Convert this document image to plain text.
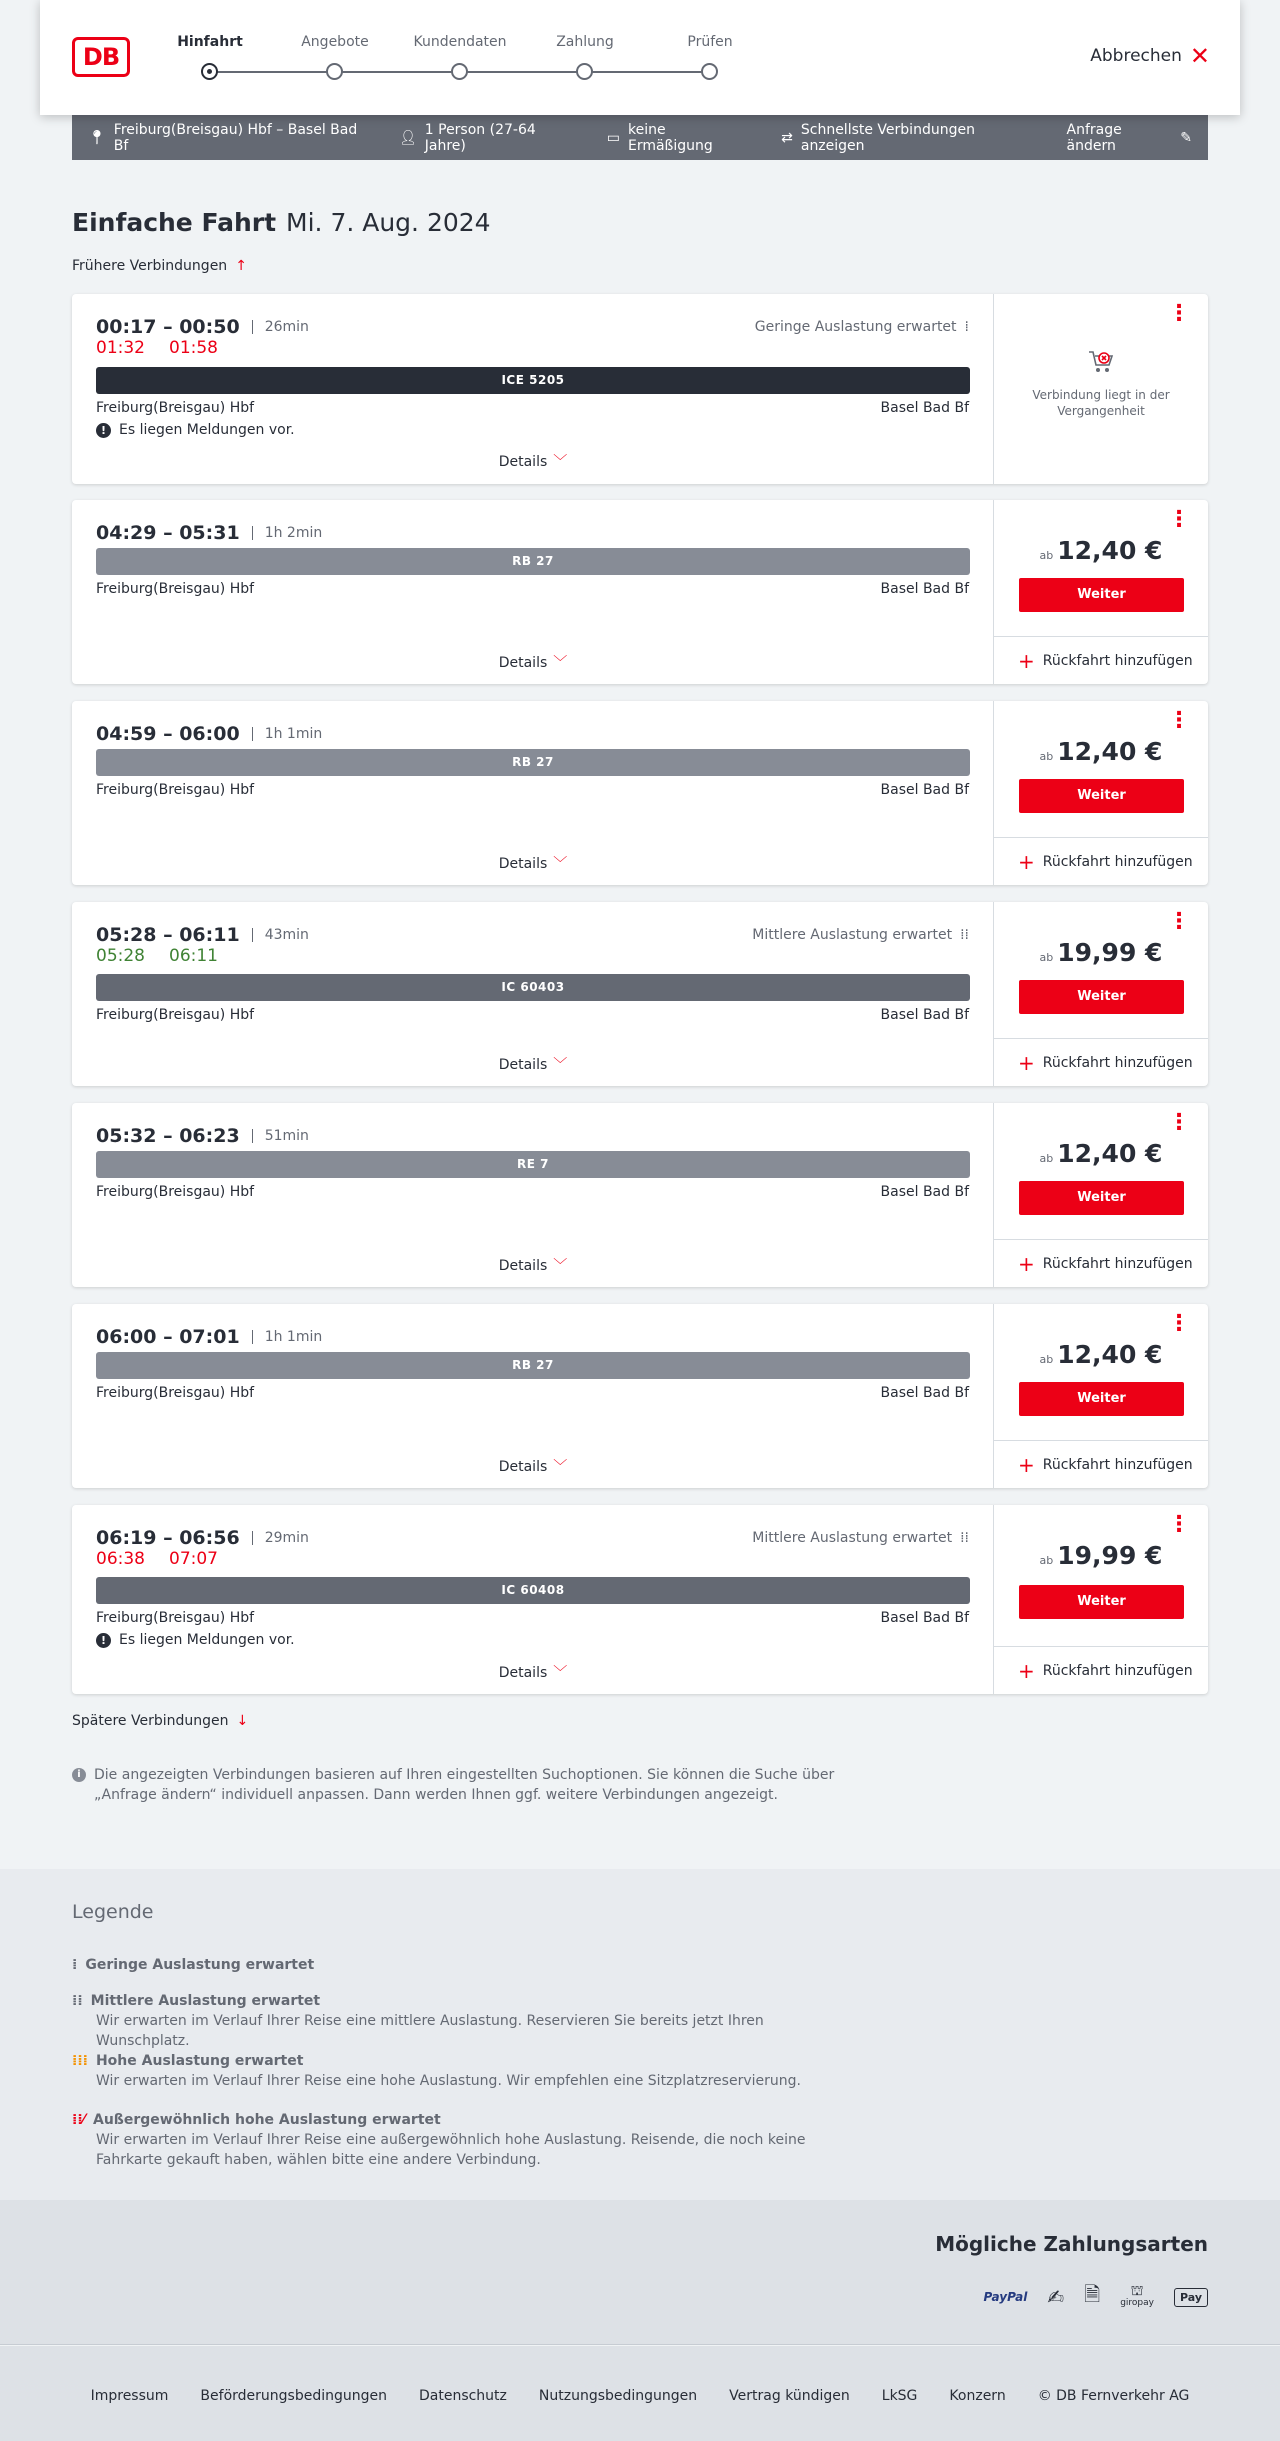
DB
Hinfahrt	Angebote	Kundendaten	Zahlung	Prüfen
Abbrechen ✕
📍︎ Freiburg(Breisgau) Hbf – Basel Bad Bf	👤︎ 1 Person (27-64 Jahre)	▭ keine Ermäßigung	⇄ Schnellste Verbindungen anzeigen
Anfrage ändern	✎
Einfache Fahrt Mi. 7. Aug. 2024
Frühere Verbindungen ↑
00:17 – 00:50	26min	Geringe Auslastung erwartet ⁞
01:32 01:58
ICE 5205
Freiburg(Breisgau) Hbf	Basel Bad Bf
! Es liegen Meldungen vor.
Details ﹀
⋮
Verbindung liegt in der Vergangenheit
04:29 – 05:31	1h 2min
RB 27
Freiburg(Breisgau) Hbf	Basel Bad Bf
Details ﹀
⋮
ab 12,40 €
Weiter
+ Rückfahrt hinzufügen
04:59 – 06:00	1h 1min
RB 27
Freiburg(Breisgau) Hbf	Basel Bad Bf
Details ﹀
⋮
ab 12,40 €
Weiter
+ Rückfahrt hinzufügen
05:28 – 06:11	43min	Mittlere Auslastung erwartet ⁞⁞
05:28 06:11
IC 60403
Freiburg(Breisgau) Hbf	Basel Bad Bf
Details ﹀
⋮
ab 19,99 €
Weiter
+ Rückfahrt hinzufügen
05:32 – 06:23	51min
RE 7
Freiburg(Breisgau) Hbf	Basel Bad Bf
Details ﹀
⋮
ab 12,40 €
Weiter
+ Rückfahrt hinzufügen
06:00 – 07:01	1h 1min
RB 27
Freiburg(Breisgau) Hbf	Basel Bad Bf
Details ﹀
⋮
ab 12,40 €
Weiter
+ Rückfahrt hinzufügen
06:19 – 06:56	29min	Mittlere Auslastung erwartet ⁞⁞
06:38 07:07
IC 60408
Freiburg(Breisgau) Hbf	Basel Bad Bf
! Es liegen Meldungen vor.
Details ﹀
⋮
ab 19,99 €
Weiter
+ Rückfahrt hinzufügen
Spätere Verbindungen ↓
i Die angezeigten Verbindungen basieren auf Ihren eingestellten Suchoptionen. Sie können die Suche über „Anfrage ändern“ individuell anpassen. Dann werden Ihnen ggf. weitere Verbindungen angezeigt.
Legende
⁞ Geringe Auslastung erwartet
⁞⁞ Mittlere Auslastung erwartet
Wir erwarten im Verlauf Ihrer Reise eine mittlere Auslastung. Reservieren Sie bereits jetzt Ihren Wunschplatz.
⁞⁞⁞ Hohe Auslastung erwartet
Wir erwarten im Verlauf Ihrer Reise eine hohe Auslastung. Wir empfehlen eine Sitzplatzreservierung.
⁞⁞⁄ Außergewöhnlich hohe Auslastung erwartet
Wir erwarten im Verlauf Ihrer Reise eine außergewöhnlich hohe Auslastung. Reisende, die noch keine Fahrkarte gekauft haben, wählen bitte eine andere Verbindung.
Mögliche Zahlungsarten
PayPal ✍ 🗎︎	⛫
giropay	Pay
Impressum Beförderungsbedingungen Datenschutz Nutzungsbedingungen Vertrag kündigen LkSG Konzern © DB Fernverkehr AG
